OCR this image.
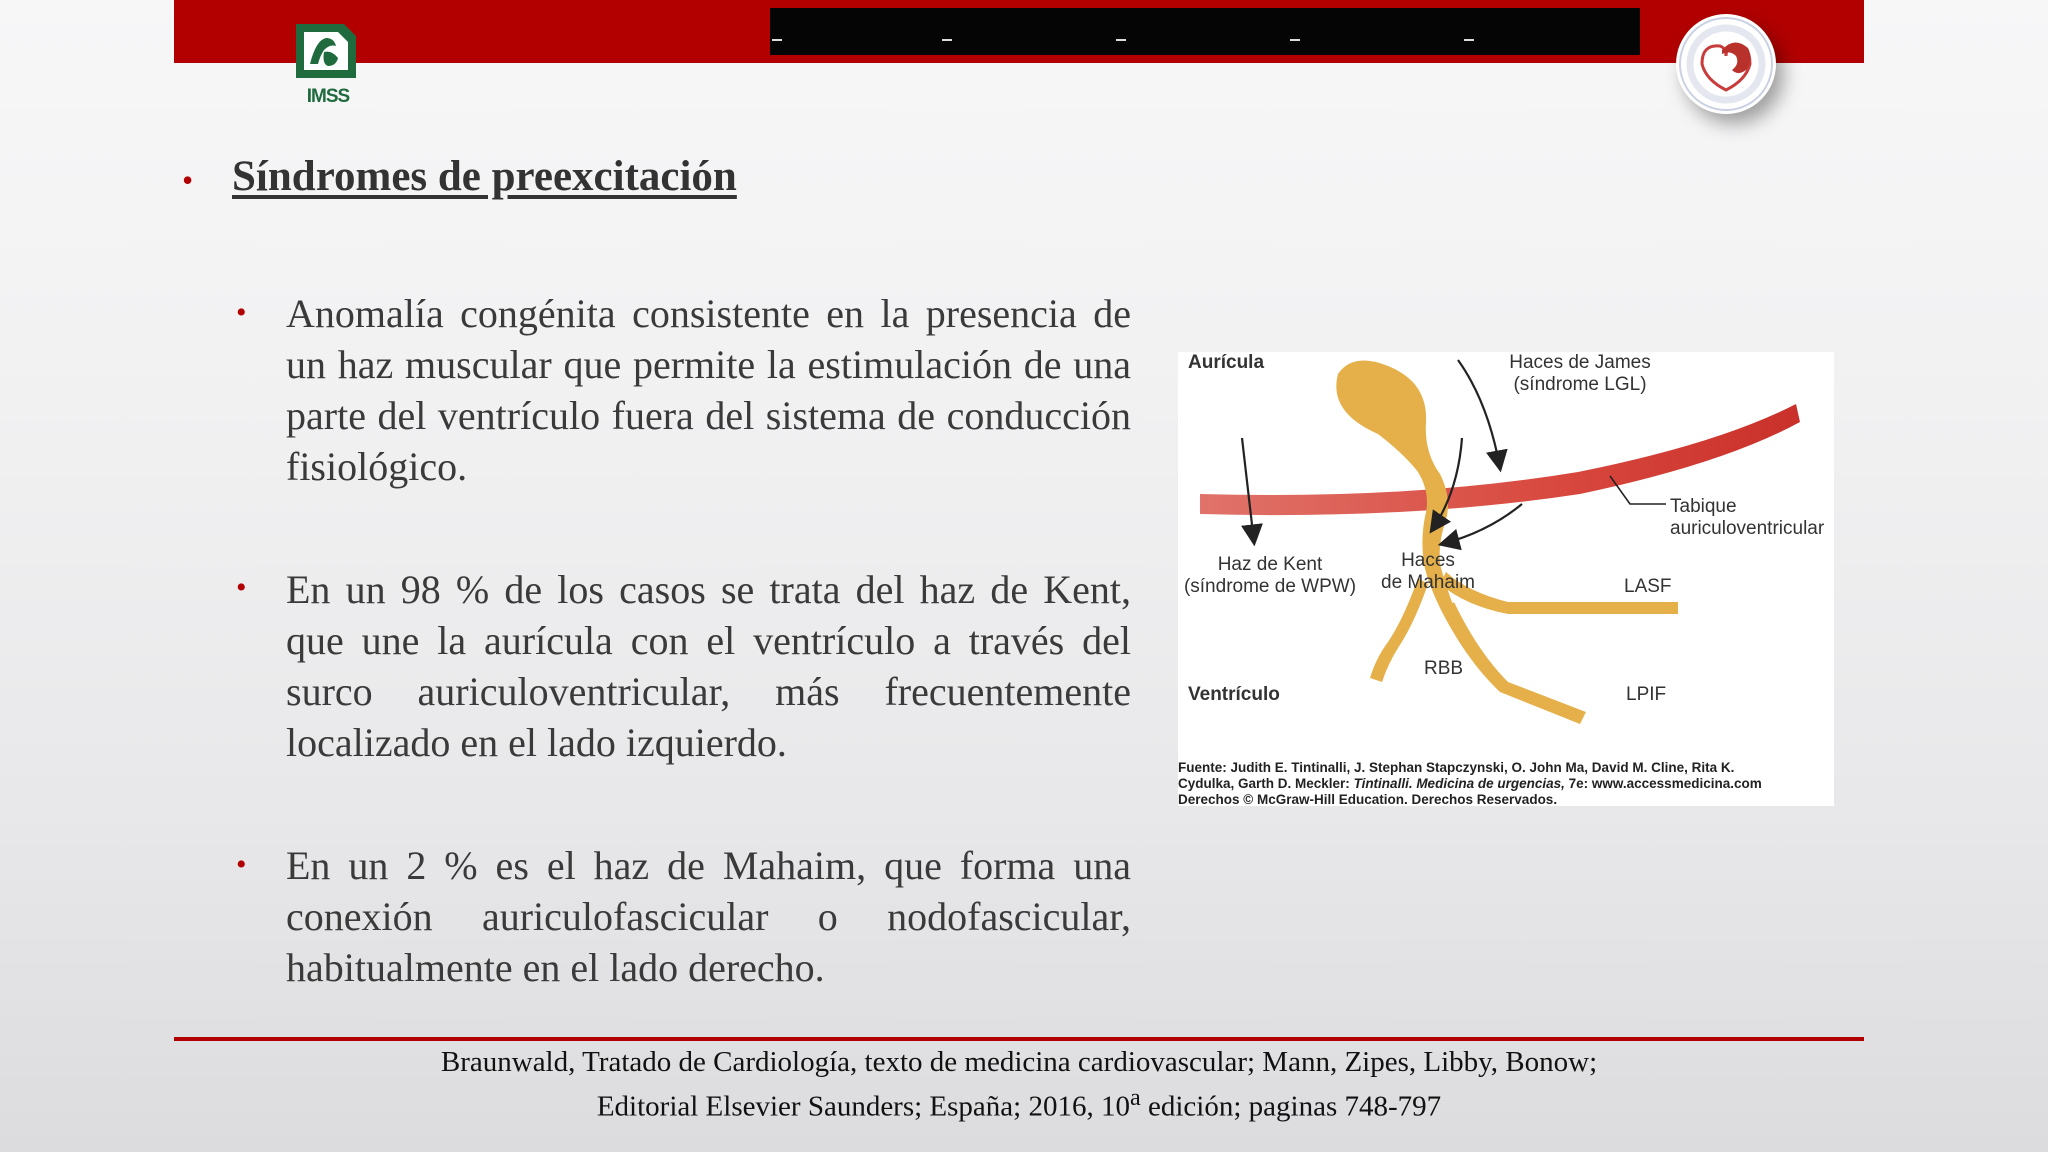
IMSS
• Síndromes de preexcitación
• Anomalía congénita consistente en la presencia de un haz muscular que permite la estimulación de una parte del ventrículo fuera del sistema de conducción fisiológico.
• En un 98 % de los casos se trata del haz de Kent, que une la aurícula con el ventrículo a través del surco auriculoventricular, más frecuentemente localizado en el lado izquierdo.
• En un 2 % es el haz de Mahaim, que forma una conexión auriculofascicular o nodofascicular, habitualmente en el lado derecho.
Aurícula	Haces de James
(síndrome LGL)
Tabique
auriculoventricular
Haz de Kent
(síndrome de WPW)
Haces
de Mahaim	LASF
RBB
Ventrículo	LPIF
Fuente: Judith E. Tintinalli, J. Stephan Stapczynski, O. John Ma, David M. Cline, Rita K.
Cydulka, Garth D. Meckler: Tintinalli. Medicina de urgencias, 7e: www.accessmedicina.com
Derechos © McGraw-Hill Education. Derechos Reservados.
Braunwald, Tratado de Cardiología, texto de medicina cardiovascular; Mann, Zipes, Libby, Bonow;
Editorial Elsevier Saunders; España; 2016, 10$^a$ edición; paginas 748-797
